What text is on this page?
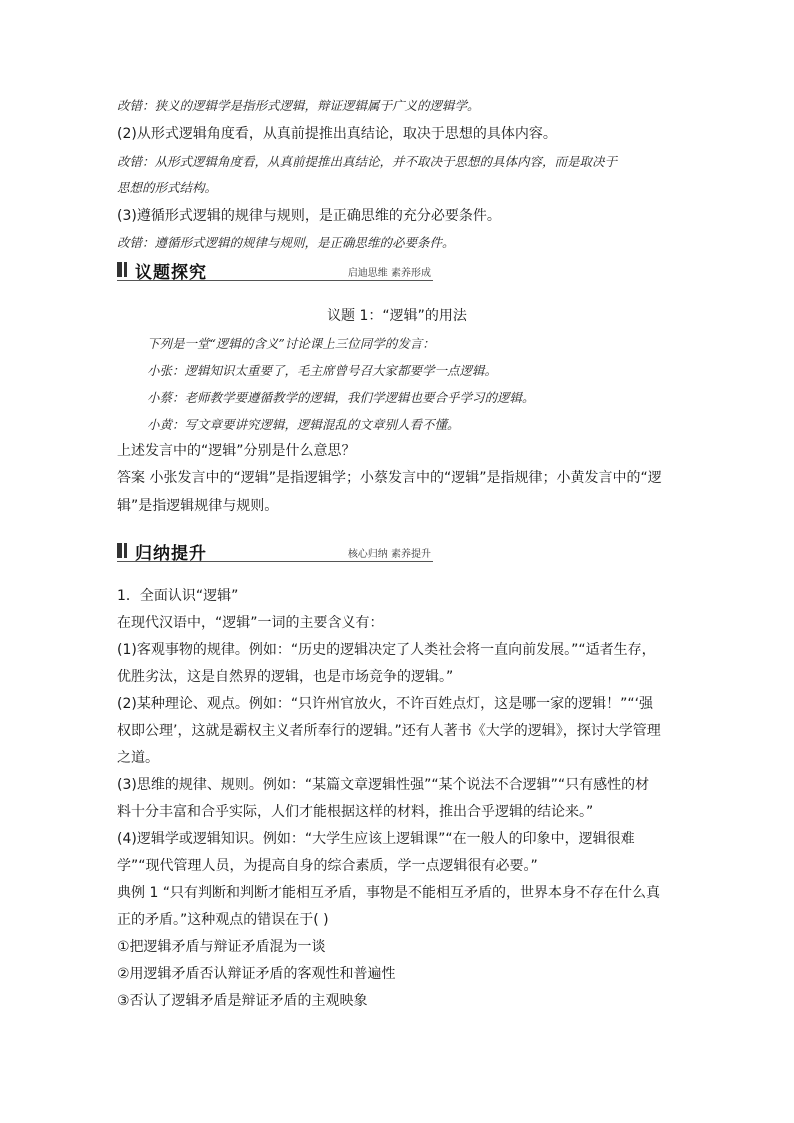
改错：狭义的逻辑学是指形式逻辑，辩证逻辑属于广义的逻辑学。
(2)从形式逻辑角度看，从真前提推出真结论，取决于思想的具体内容。
改错：从形式逻辑角度看，从真前提推出真结论，并不取决于思想的具体内容，而是取决于
思想的形式结构。
(3)遵循形式逻辑的规律与规则，是正确思维的充分必要条件。
改错：遵循形式逻辑的规律与规则，是正确思维的必要条件。
议题探究	启迪思维 素养形成
议题 1：“逻辑”的用法
下列是一堂“逻辑的含义”讨论课上三位同学的发言：
小张：逻辑知识太重要了，毛主席曾号召大家都要学一点逻辑。
小蔡：老师教学要遵循教学的逻辑，我们学逻辑也要合乎学习的逻辑。
小黄：写文章要讲究逻辑，逻辑混乱的文章别人看不懂。
上述发言中的“逻辑”分别是什么意思？
答案 小张发言中的“逻辑”是指逻辑学；小蔡发言中的“逻辑”是指规律；小黄发言中的“逻
辑”是指逻辑规律与规则。
归纳提升	核心归纳 素养提升
1．全面认识“逻辑”
在现代汉语中，“逻辑”一词的主要含义有：
(1)客观事物的规律。例如：“历史的逻辑决定了人类社会将一直向前发展。”“适者生存，
优胜劣汰，这是自然界的逻辑，也是市场竞争的逻辑。”
(2)某种理论、观点。例如：“只许州官放火，不许百姓点灯，这是哪一家的逻辑！”“‘强
权即公理’，这就是霸权主义者所奉行的逻辑。”还有人著书《大学的逻辑》，探讨大学管理
之道。
(3)思维的规律、规则。例如：“某篇文章逻辑性强”“某个说法不合逻辑”“只有感性的材
料十分丰富和合乎实际，人们才能根据这样的材料，推出合乎逻辑的结论来。”
(4)逻辑学或逻辑知识。例如：“大学生应该上逻辑课”“在一般人的印象中，逻辑很难
学”“现代管理人员，为提高自身的综合素质，学一点逻辑很有必要。”
典例 1 “只有判断和判断才能相互矛盾，事物是不能相互矛盾的，世界本身不存在什么真
正的矛盾。”这种观点的错误在于( )
①把逻辑矛盾与辩证矛盾混为一谈
②用逻辑矛盾否认辩证矛盾的客观性和普遍性
③否认了逻辑矛盾是辩证矛盾的主观映象
